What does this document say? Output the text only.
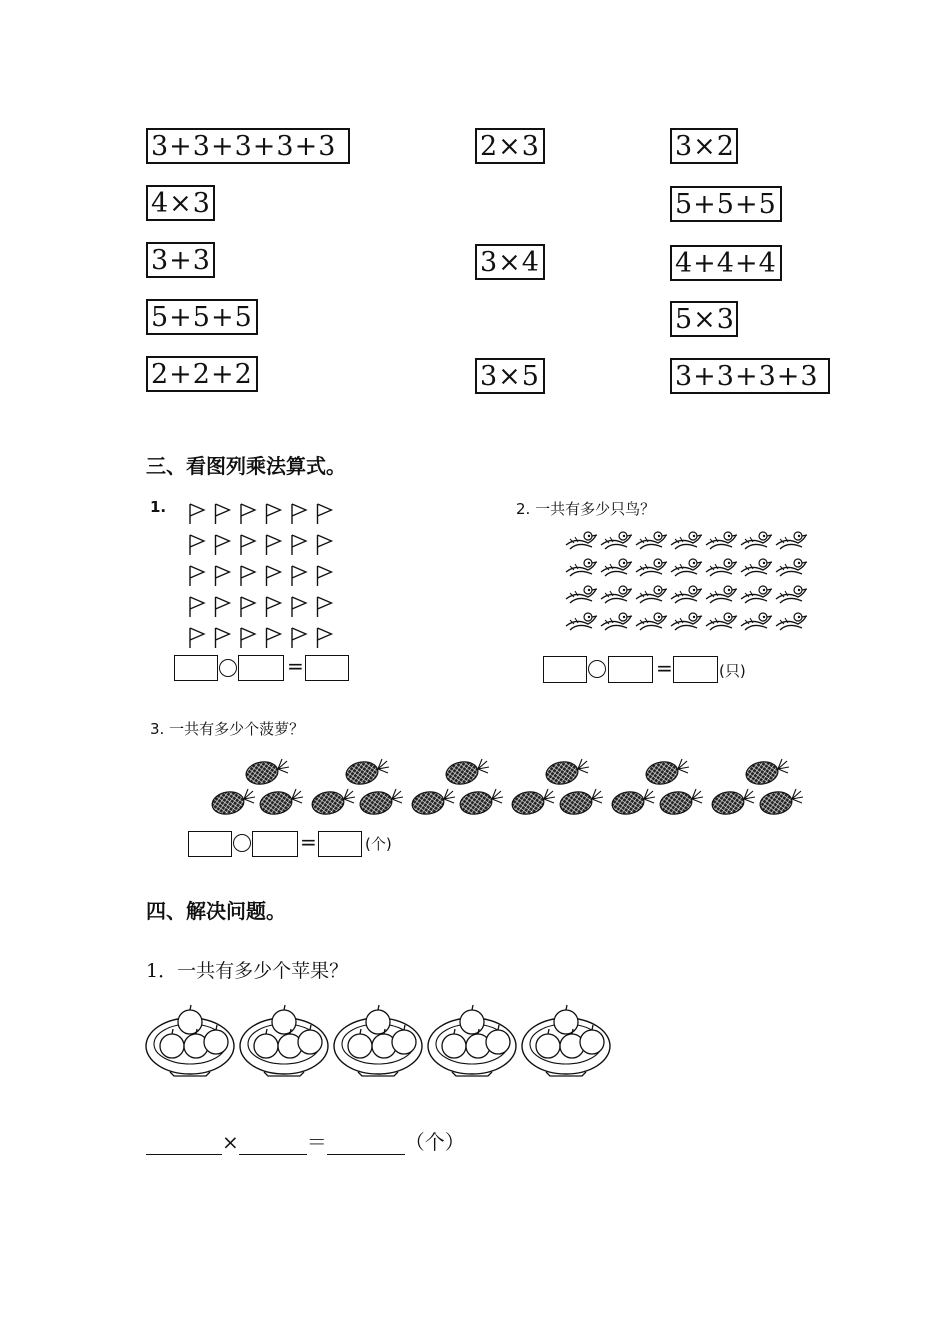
3+3+3+3+3
4×3
3+3
5+5+5
2+2+2
2×3
3×4
3×5
3×2
5+5+5
4+4+4
5×3
3+3+3+3
三、看图列乘法算式。
1.
=
2. 一共有多少只鸟？
=	(只)
3. 一共有多少个菠萝？
=	(个)
四、解决问题。
1．一共有多少个苹果？
×	＝	（个）
